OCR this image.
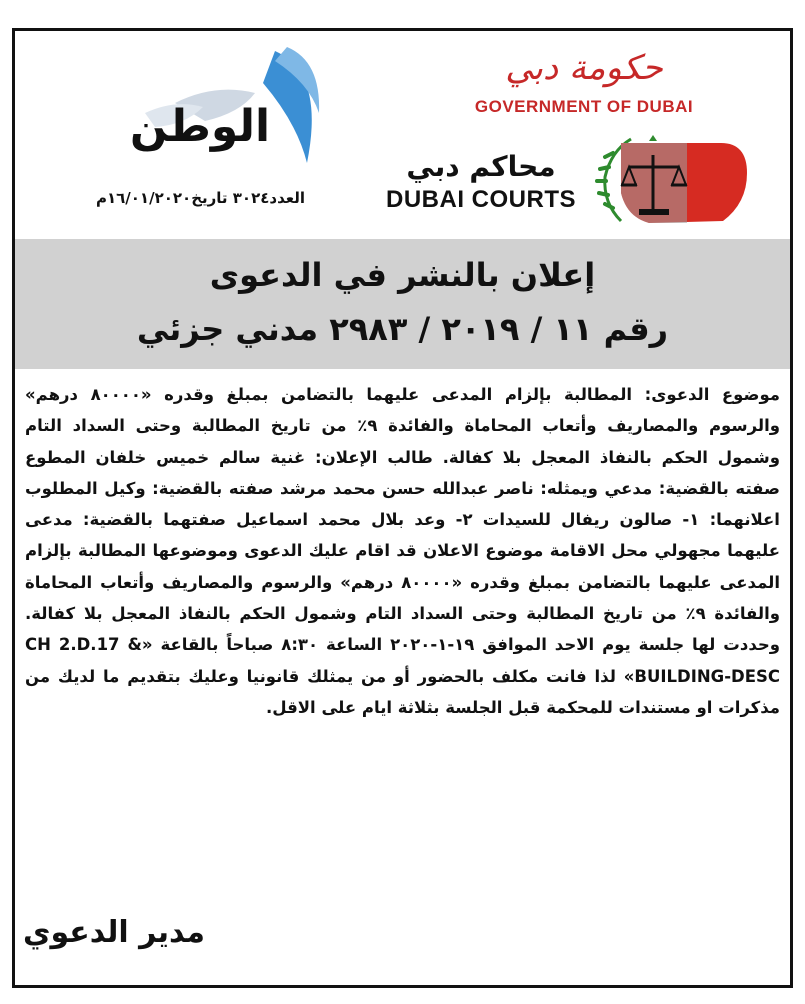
حكومة دبي
GOVERNMENT OF DUBAI
محاكم دبي
DUBAI COURTS
الوطن
العدد٣٠٢٤ تاريخ١٦/٠١/٢٠٢٠م
إعلان بالنشر في الدعوى
رقم ١١ / ٢٠١٩ / ٢٩٨٣ مدني جزئي
موضوع الدعوى: المطالبة بإلزام المدعى عليهما بالتضامن بمبلغ وقدره «٨٠٠٠٠ درهم» والرسوم والمصاريف وأتعاب المحاماة والفائدة ٩٪ من تاريخ المطالبة وحتى السداد التام وشمول الحكم بالنفاذ المعجل بلا كفالة. طالب الإعلان: غنية سالم خميس خلفان المطوع صفته بالقضية: مدعي ويمثله: ناصر عبدالله حسن محمد مرشد صفته بالقضية: وكيل المطلوب اعلانهما: ١- صالون ريفال للسيدات ٢- وعد بلال محمد اسماعيل صفتهما بالقضية: مدعى عليهما مجهولي محل الاقامة موضوع الاعلان قد اقام عليك الدعوى وموضوعها المطالبة بإلزام المدعى عليهما بالتضامن بمبلغ وقدره «٨٠٠٠٠ درهم» والرسوم والمصاريف وأتعاب المحاماة والفائدة ٩٪ من تاريخ المطالبة وحتى السداد التام وشمول الحكم بالنفاذ المعجل بلا كفالة. وحددت لها جلسة يوم الاحد الموافق ١٩-١-٢٠٢٠ الساعة ٨:٣٠ صباحاً بالقاعة «CH 2.D.17 & BUILDING-DESC» لذا فانت مكلف بالحضور أو من يمثلك قانونيا وعليك بتقديم ما لديك من مذكرات او مستندات للمحكمة قبل الجلسة بثلاثة ايام على الاقل.
مدير الدعوي
